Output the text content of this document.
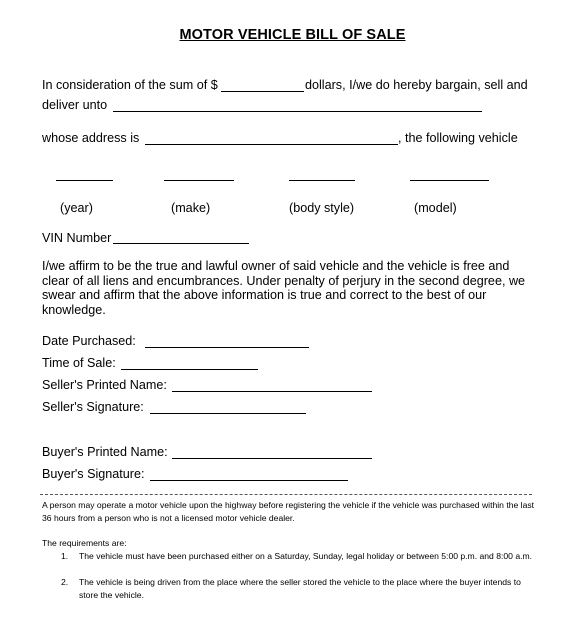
MOTOR VEHICLE BILL OF SALE
In consideration of the sum of $	dollars, I/we do hereby bargain, sell and
deliver unto
whose address is	, the following vehicle
(year)	(make)	(body style)	(model)
VIN Number
I/we affirm to be the true and lawful owner of said vehicle and the vehicle is free and clear of all liens and encumbrances. Under penalty of perjury in the second degree, we swear and affirm that the above information is true and correct to the best of our knowledge.
Date Purchased:
Time of Sale:
Seller's Printed Name:
Seller's Signature:
Buyer's Printed Name:
Buyer's Signature:
A person may operate a motor vehicle upon the highway before registering the vehicle if the vehicle was purchased within the last 36 hours from a person who is not a licensed motor vehicle dealer.
The requirements are:
1. The vehicle must have been purchased either on a Saturday, Sunday, legal holiday or between 5:00 p.m. and 8:00 a.m.
2. The vehicle is being driven from the place where the seller stored the vehicle to the place where the buyer intends to store the vehicle.
